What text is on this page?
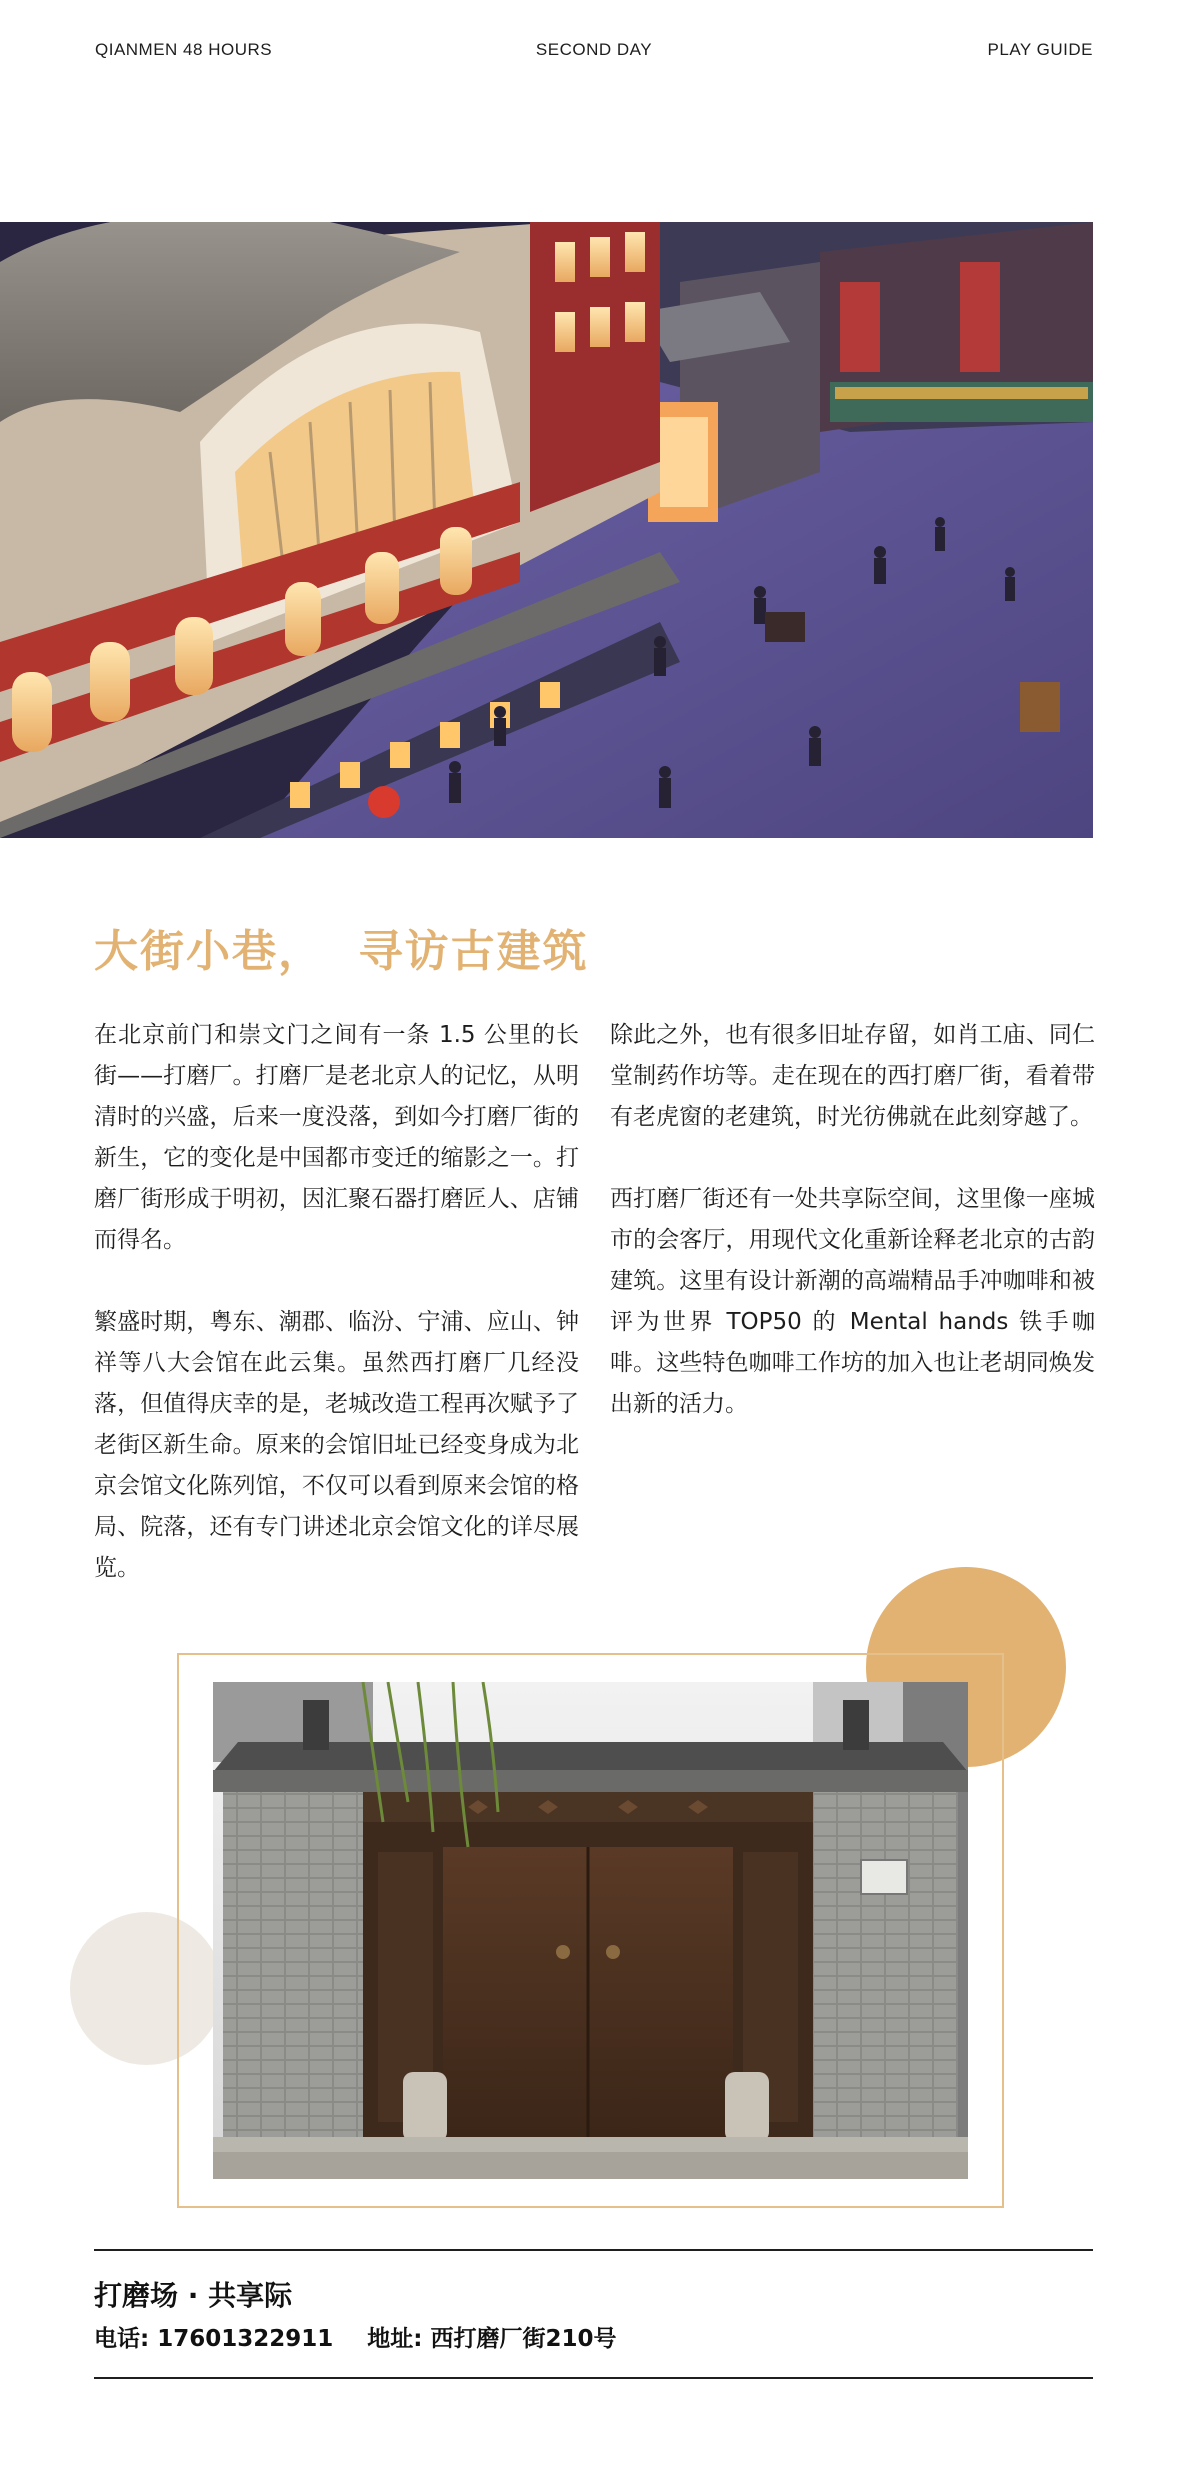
QIANMEN 48 HOURS	SECOND DAY	PLAY GUIDE
大街小巷，  寻访古建筑

在北京前门和崇文门之间有一条 1.5 公里的长街——打磨厂。打磨厂是老北京人的记忆，从明清时的兴盛，后来一度没落，到如今打磨厂街的新生，它的变化是中国都市变迁的缩影之一。打磨厂街形成于明初，因汇聚石器打磨匠人、店铺而得名。

繁盛时期，粤东、潮郡、临汾、宁浦、应山、钟祥等八大会馆在此云集。虽然西打磨厂几经没落，但值得庆幸的是，老城改造工程再次赋予了老街区新生命。原来的会馆旧址已经变身成为北京会馆文化陈列馆，不仅可以看到原来会馆的格局、院落，还有专门讲述北京会馆文化的详尽展览。

除此之外，也有很多旧址存留，如肖工庙、同仁堂制药作坊等。走在现在的西打磨厂街，看着带有老虎窗的老建筑，时光彷佛就在此刻穿越了。

西打磨厂街还有一处共享际空间，这里像一座城市的会客厅，用现代文化重新诠释老北京的古韵建筑。这里有设计新潮的高端精品手冲咖啡和被评为世界 TOP50 的 Mental hands 铁手咖啡。这些特色咖啡工作坊的加入也让老胡同焕发出新的活力。

打磨场 · 共享际
电话: 17601322911 地址: 西打磨厂街210号
